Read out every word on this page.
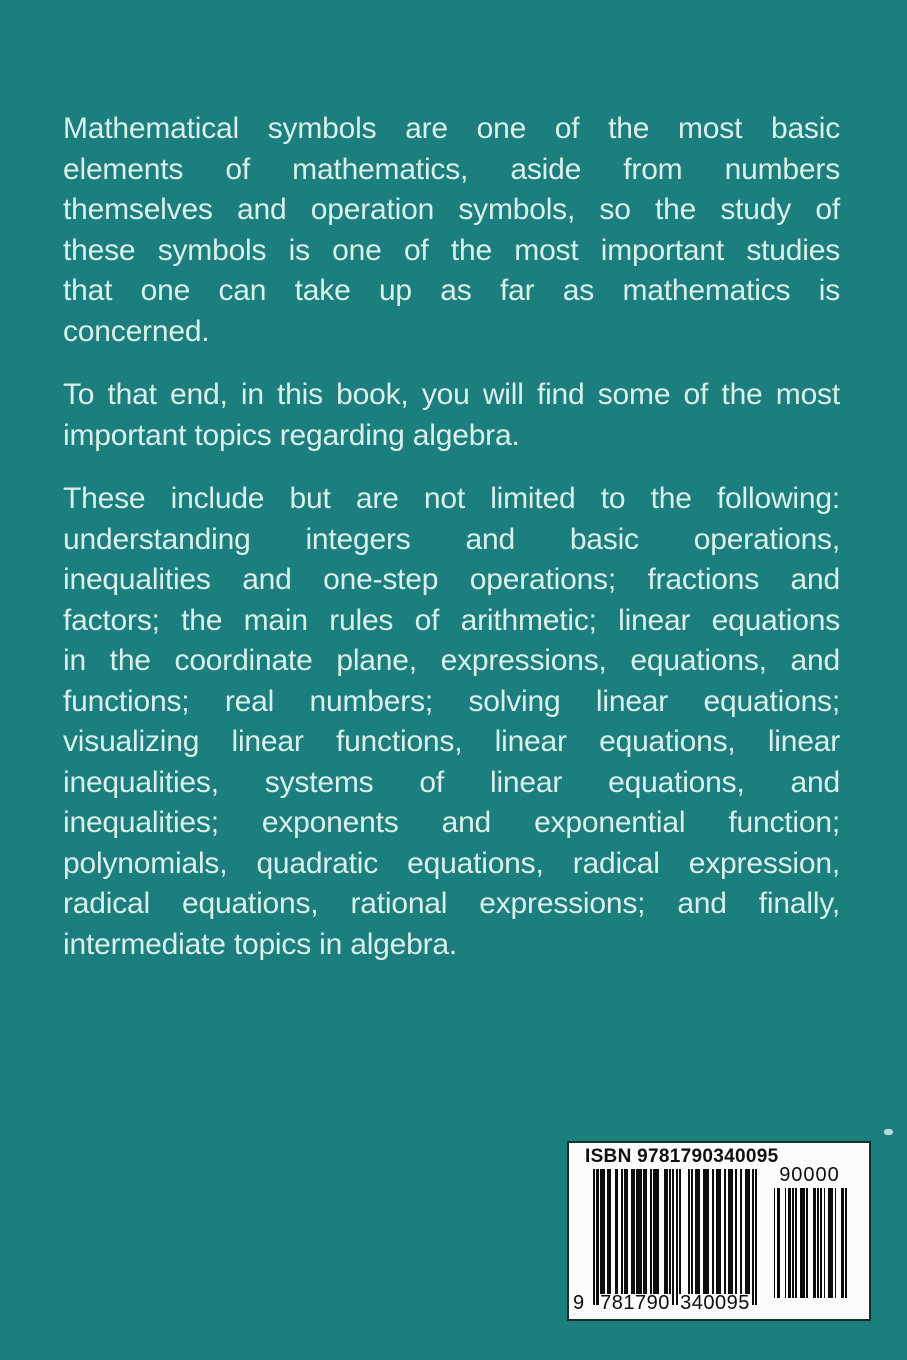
Mathematical symbols are one of the most basic
elements of mathematics, aside from numbers
themselves and operation symbols, so the study of
these symbols is one of the most important studies
that one can take up as far as mathematics is
concerned.
To that end, in this book, you will find some of the most
important topics regarding algebra.
These include but are not limited to the following:
understanding integers and basic operations,
inequalities and one-step operations; fractions and
factors; the main rules of arithmetic; linear equations
in the coordinate plane, expressions, equations, and
functions; real numbers; solving linear equations;
visualizing linear functions, linear equations, linear
inequalities, systems of linear equations, and
inequalities; exponents and exponential function;
polynomials, quadratic equations, radical expression,
radical equations, rational expressions; and finally,
intermediate topics in algebra.
ISBN 9781790340095
9 781790 340095
90000
